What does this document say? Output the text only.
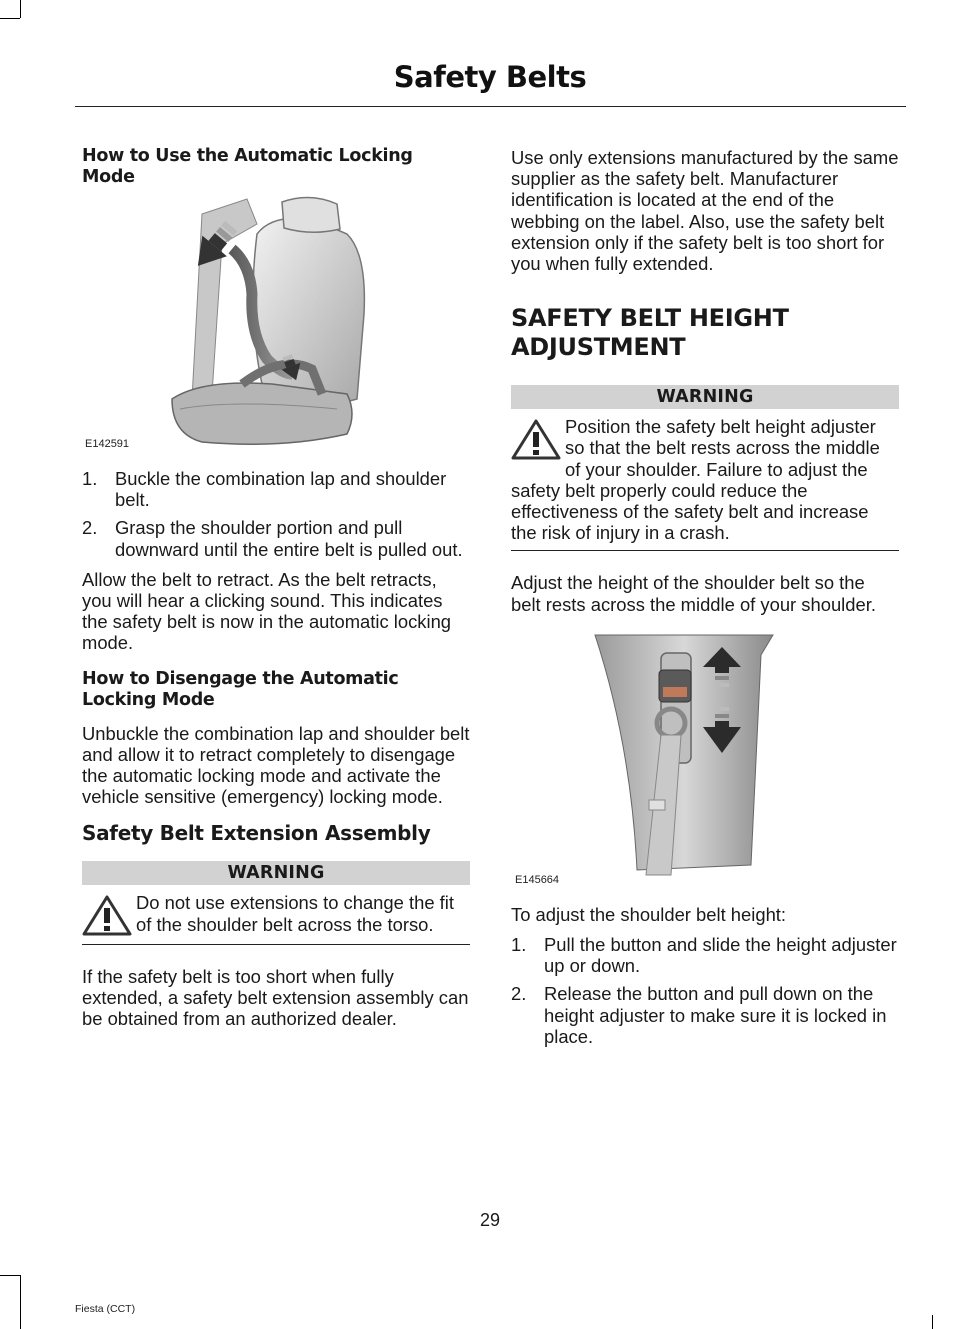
Safety Belts
How to Use the Automatic Locking Mode
E142591
1. Buckle the combination lap and shoulder belt.
2. Grasp the shoulder portion and pull downward until the entire belt is pulled out.

Allow the belt to retract. As the belt retracts, you will hear a clicking sound. This indicates the safety belt is now in the automatic locking mode.

How to Disengage the Automatic Locking Mode

Unbuckle the combination lap and shoulder belt and allow it to retract completely to disengage the automatic locking mode and activate the vehicle sensitive (emergency) locking mode.

Safety Belt Extension Assembly
WARNING

Do not use extensions to change the fit of the shoulder belt across the torso.

If the safety belt is too short when fully extended, a safety belt extension assembly can be obtained from an authorized dealer.

Use only extensions manufactured by the same supplier as the safety belt. Manufacturer identification is located at the end of the webbing on the label. Also, use the safety belt extension only if the safety belt is too short for you when fully extended.

SAFETY BELT HEIGHT ADJUSTMENT
WARNING

Position the safety belt height adjuster so that the belt rests across the middle of your shoulder. Failure to adjust the safety belt properly could reduce the effectiveness of the safety belt and increase the risk of injury in a crash.

Adjust the height of the shoulder belt so the belt rests across the middle of your shoulder.

E145664

To adjust the shoulder belt height:

1. Pull the button and slide the height adjuster up or down.
2. Release the button and pull down on the height adjuster to make sure it is locked in place.
29
Fiesta (CCT)
